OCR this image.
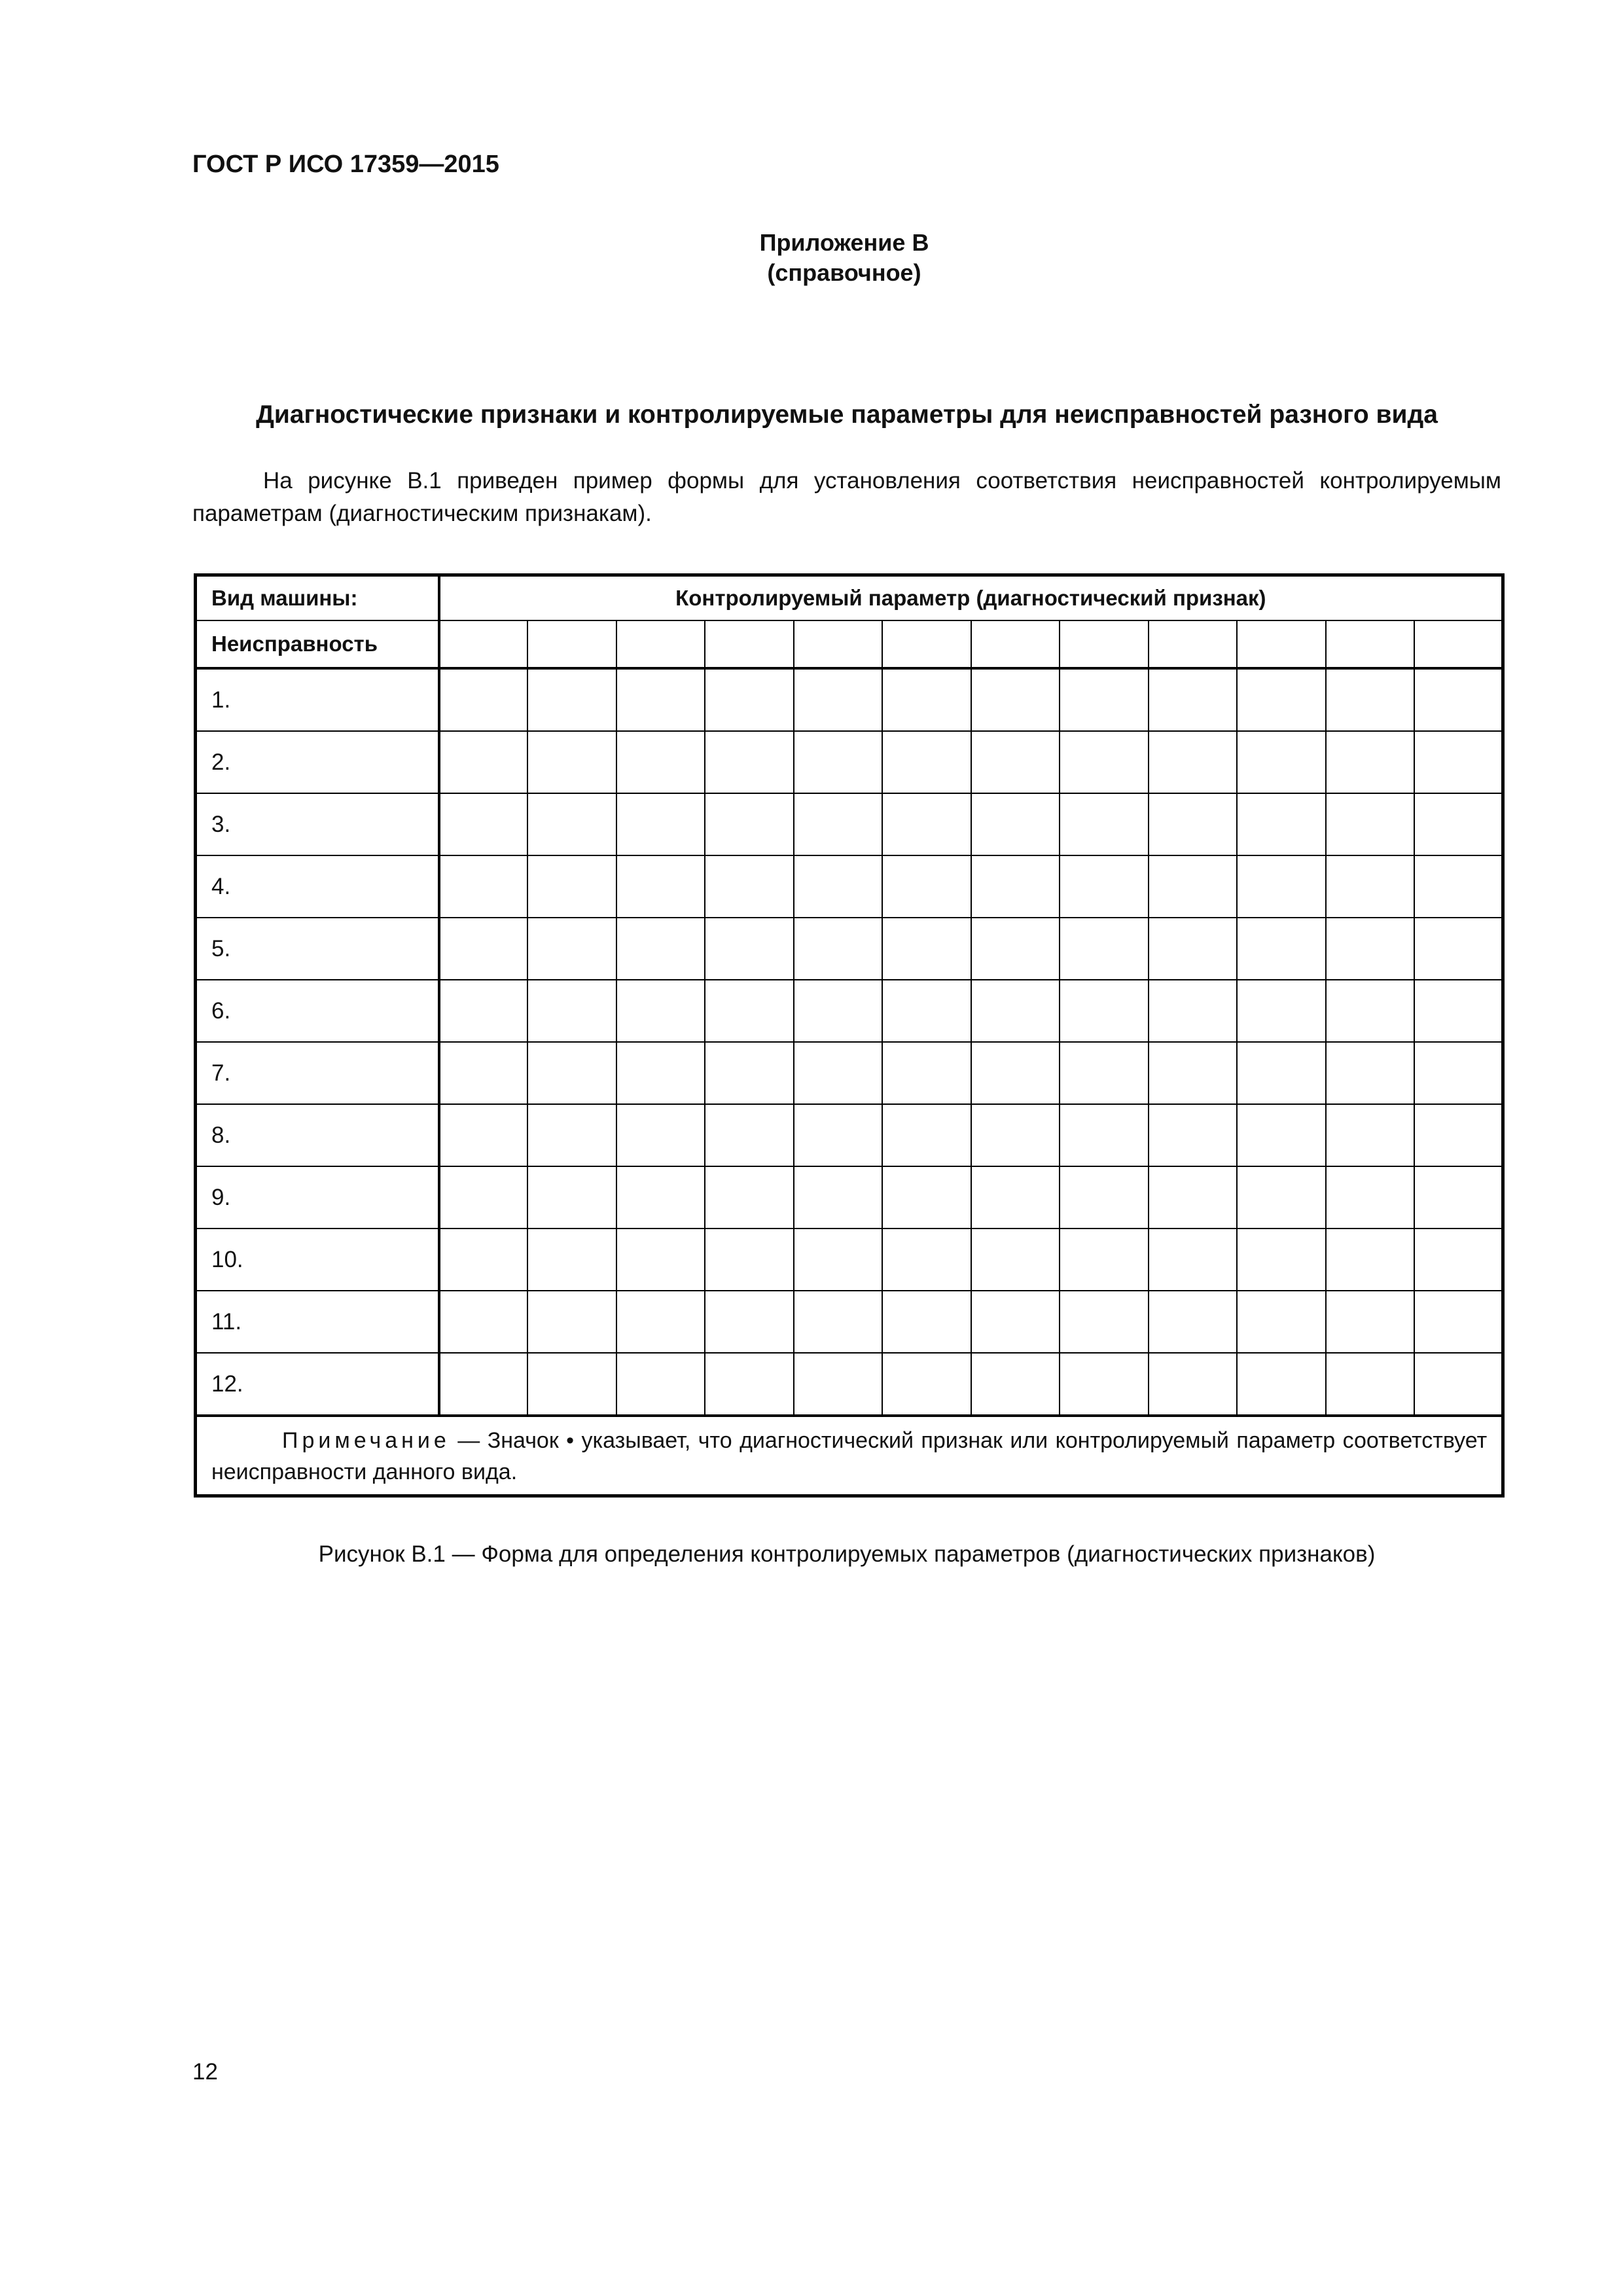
ГОСТ Р ИСО 17359—2015
Приложение В
(справочное)
Диагностические признаки и контролируемые параметры для неисправностей разного вида
На рисунке В.1 приведен пример формы для установления соответствия неисправностей контролируемым параметрам (диагностическим признакам).
Вид машины:	Контролируемый параметр (диагностический признак)											
Неисправность												
1.												
2.												
3.												
4.												
5.												
6.												
7.												
8.												
9.												
10.												
11.												
12.												
Примечание — Значок • указывает, что диагностический признак или контролируемый параметр соответствует неисправности данного вида.												
Рисунок В.1 — Форма для определения контролируемых параметров (диагностических признаков)
12
